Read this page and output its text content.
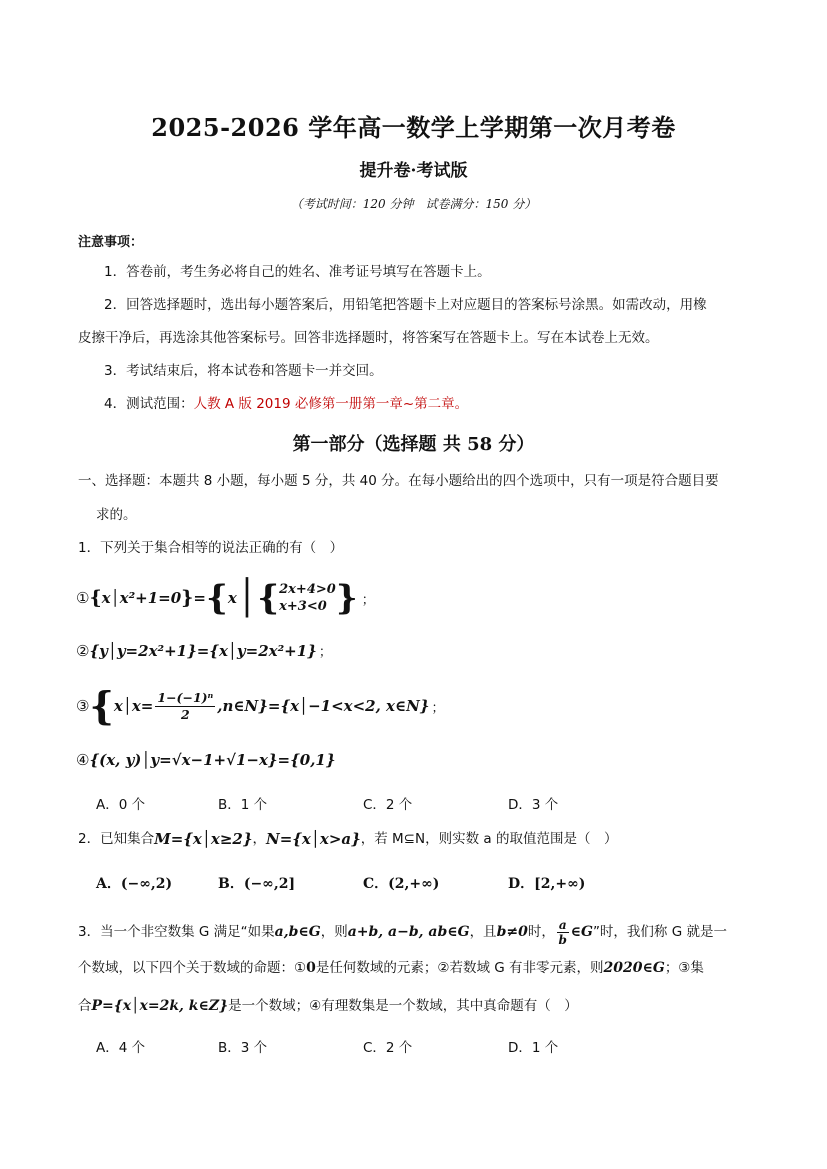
2025-2026 学年高一数学上学期第一次月考卷
提升卷·考试版
（考试时间：120 分钟　试卷满分：150 分）
注意事项：
1．答卷前，考生务必将自己的姓名、准考证号填写在答题卡上。
2．回答选择题时，选出每小题答案后，用铅笔把答题卡上对应题目的答案标号涂黑。如需改动，用橡
皮擦干净后，再选涂其他答案标号。回答非选择题时，将答案写在答题卡上。写在本试卷上无效。
3．考试结束后，将本试卷和答题卡一并交回。
4．测试范围：人教 A 版 2019 必修第一册第一章~第二章。
第一部分（选择题 共 58 分）
一、选择题：本题共 8 小题，每小题 5 分，共 40 分。在每小题给出的四个选项中，只有一项是符合题目要
求的。
1．下列关于集合相等的说法正确的有（　）
① { x│x²+1=0 } = { x │{ 2x+4>0
x+3<0 } ；
② {y│y=2x²+1}={x│y=2x²+1} ；
③ { x│x= $\frac{\text{1−(−1)ⁿ}}{2}$ ,n∈N}={x│−1<x<2, x∈N} ；
④ {(x, y)│y=√x−1+√1−x}={0,1}
A．0 个	B．1 个	C．2 个	D．3 个
2．已知集合 M={x│x≥2} ， N={x│x>a} ，若 M⊆N，则实数 a 的取值范围是（　）
A．(−∞,2)	B．(−∞,2]	C．(2,+∞)	D．[2,+∞)
3．当一个非空数集 G 满足“如果 a,b∈G ，则 a+b, a−b, ab∈G ，且 b≠0 时， $\frac{a}{b}$ ∈G ”时，我们称 G 就是一
个数域，以下四个关于数域的命题：① 0 是任何数域的元素；②若数域 G 有非零元素，则 2020∈G ；③集
合 P={x│x=2k, k∈Z} 是一个数域；④有理数集是一个数域，其中真命题有（　）
A．4 个	B．3 个	C．2 个	D．1 个
